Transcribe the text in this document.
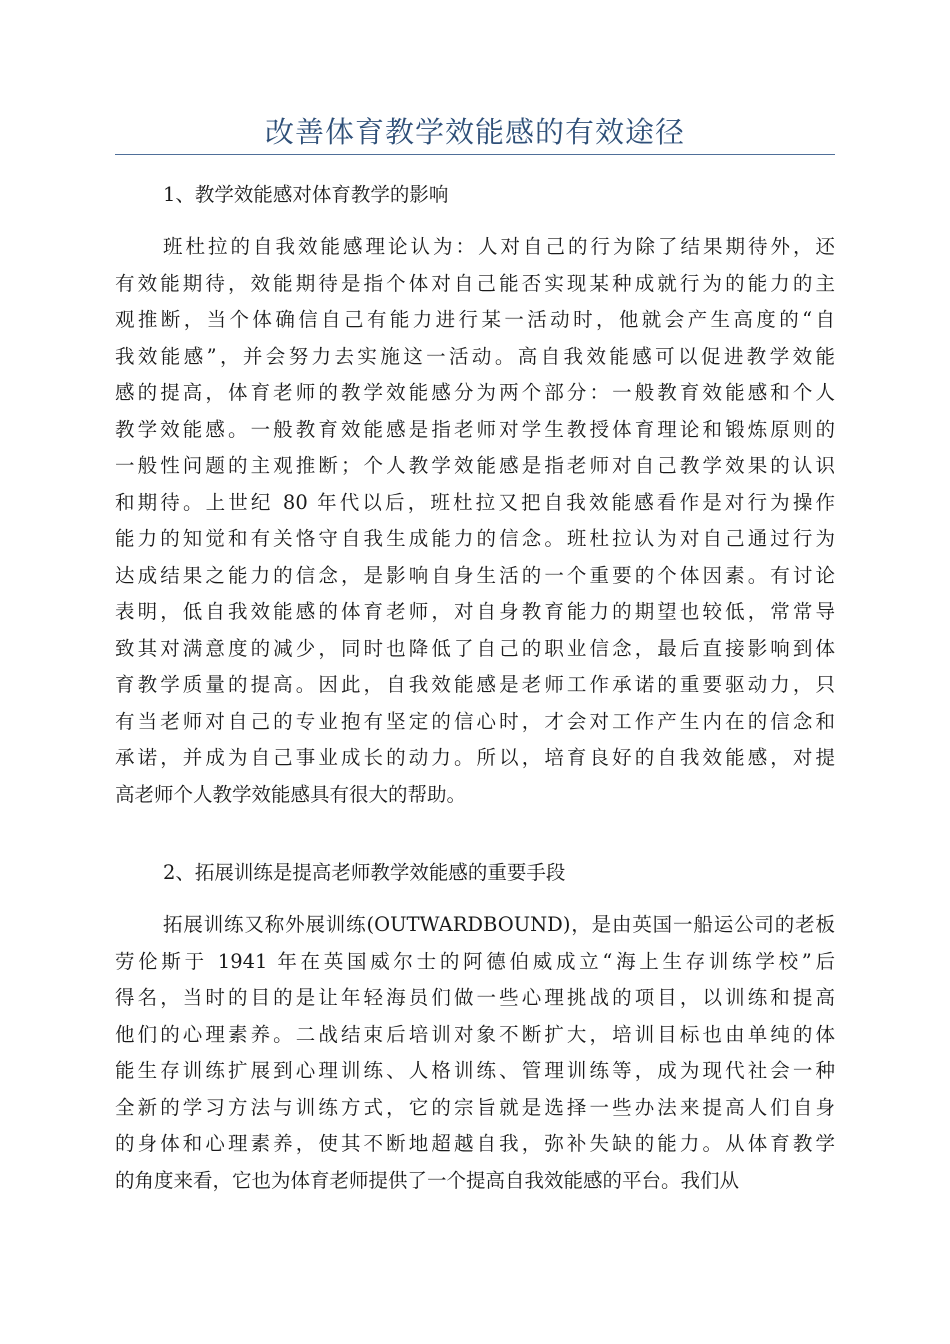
改善体育教学效能感的有效途径
1、教学效能感对体育教学的影响
班杜拉的自我效能感理论认为：人对自己的行为除了结果期待外，还
有效能期待，效能期待是指个体对自己能否实现某种成就行为的能力的主
观推断，当个体确信自己有能力进行某一活动时，他就会产生高度的“自
我效能感”，并会努力去实施这一活动。高自我效能感可以促进教学效能
感的提高，体育老师的教学效能感分为两个部分：一般教育效能感和个人
教学效能感。一般教育效能感是指老师对学生教授体育理论和锻炼原则的
一般性问题的主观推断；个人教学效能感是指老师对自己教学效果的认识
和期待。上世纪 80 年代以后，班杜拉又把自我效能感看作是对行为操作
能力的知觉和有关恪守自我生成能力的信念。班杜拉认为对自己通过行为
达成结果之能力的信念，是影响自身生活的一个重要的个体因素。有讨论
表明，低自我效能感的体育老师，对自身教育能力的期望也较低，常常导
致其对满意度的减少，同时也降低了自己的职业信念，最后直接影响到体
育教学质量的提高。因此，自我效能感是老师工作承诺的重要驱动力，只
有当老师对自己的专业抱有坚定的信心时，才会对工作产生内在的信念和
承诺，并成为自己事业成长的动力。所以，培育良好的自我效能感，对提
高老师个人教学效能感具有很大的帮助。
2、拓展训练是提高老师教学效能感的重要手段
拓展训练又称外展训练(OUTWARDBOUND)，是由英国一船运公司的老板
劳伦斯于 1941 年在英国威尔士的阿德伯威成立“海上生存训练学校”后
得名，当时的目的是让年轻海员们做一些心理挑战的项目，以训练和提高
他们的心理素养。二战结束后培训对象不断扩大，培训目标也由单纯的体
能生存训练扩展到心理训练、人格训练、管理训练等，成为现代社会一种
全新的学习方法与训练方式，它的宗旨就是选择一些办法来提高人们自身
的身体和心理素养，使其不断地超越自我，弥补失缺的能力。从体育教学
的角度来看，它也为体育老师提供了一个提高自我效能感的平台。我们从
